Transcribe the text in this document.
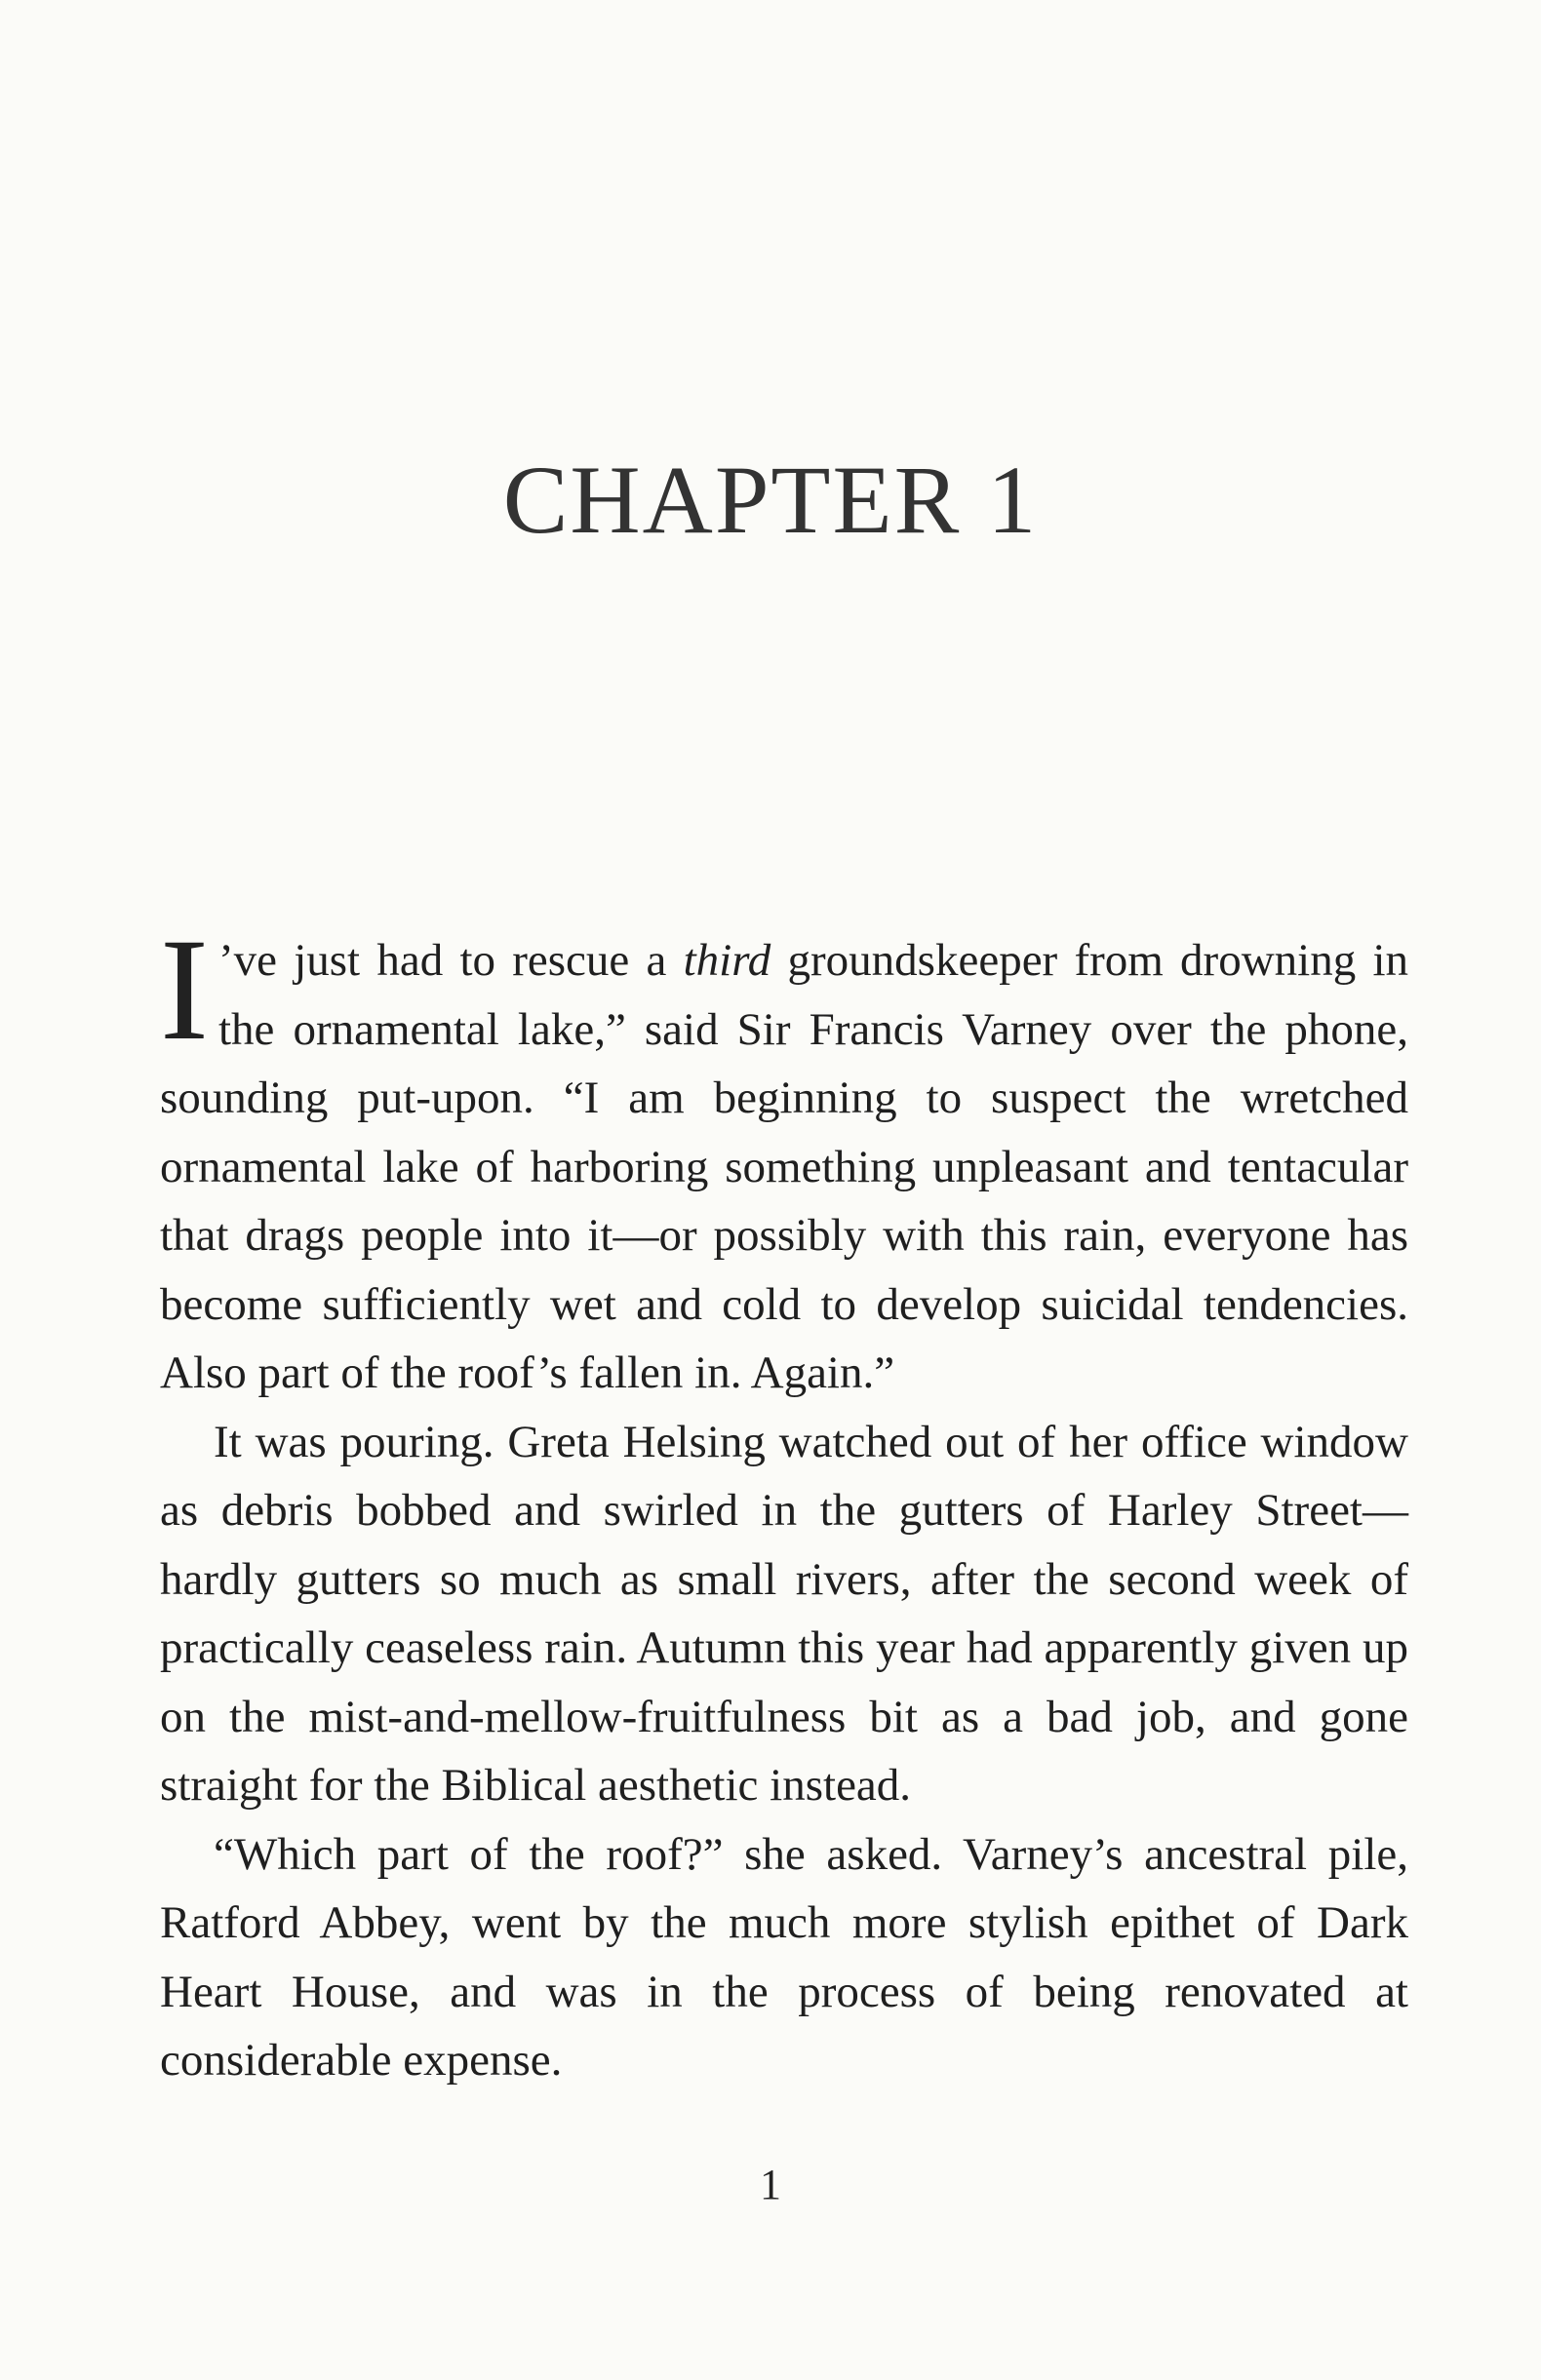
CHAPTER 1

I ’ve just had to rescue a third groundskeeper from drowning in the ornamental lake,” said Sir Francis Varney over the phone, sounding put-upon. “I am beginning to suspect the wretched ornamental lake of harboring something unpleasant and tentacular that drags people into it—or possibly with this rain, everyone has become sufficiently wet and cold to develop suicidal tendencies. Also part of the roof’s fallen in. Again.”

It was pouring. Greta Helsing watched out of her office window as debris bobbed and swirled in the gutters of Harley Street—hardly gutters so much as small rivers, after the second week of practically ceaseless rain. Autumn this year had apparently given up on the mist-and-mellow-fruitfulness bit as a bad job, and gone straight for the Biblical aesthetic instead.

“Which part of the roof?” she asked. Varney’s ancestral pile, Ratford Abbey, went by the much more stylish epithet of Dark Heart House, and was in the process of being renovated at considerable expense.

1
